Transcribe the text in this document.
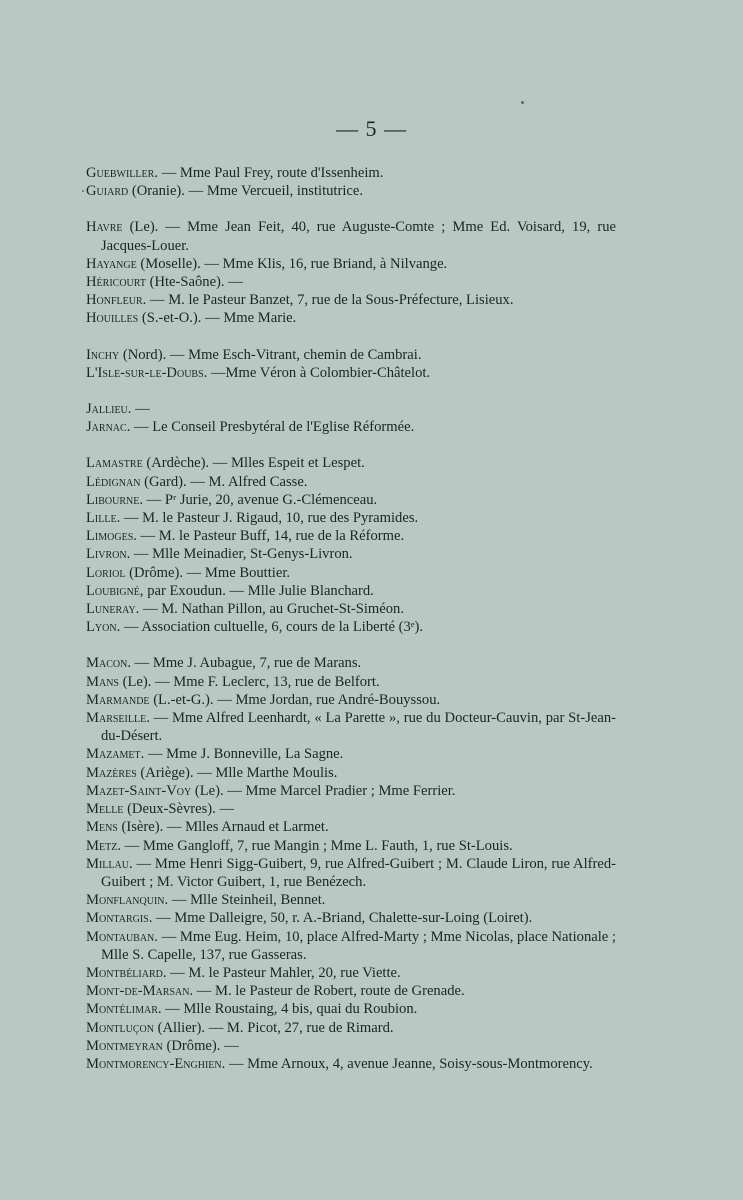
— 5 —
Guebwiller. — Mme Paul Frey, route d'Issenheim.
Guiard (Oranie). — Mme Vercueil, institutrice.
Havre (Le). — Mme Jean Feit, 40, rue Auguste-Comte ; Mme Ed. Voisard, 19, rue Jacques-Louer.
Hayange (Moselle). — Mme Klis, 16, rue Briand, à Nilvange.
Héricourt (Hte-Saône). —
Honfleur. — M. le Pasteur Banzet, 7, rue de la Sous-Préfecture, Lisieux.
Houilles (S.-et-O.). — Mme Marie.
Inchy (Nord). — Mme Esch-Vitrant, chemin de Cambrai.
L'Isle-sur-le-Doubs. —Mme Véron à Colombier-Châtelot.
Jallieu. —
Jarnac. — Le Conseil Presbytéral de l'Eglise Réformée.
Lamastre (Ardèche). — Mlles Espeit et Lespet.
Lédignan (Gard). — M. Alfred Casse.
Libourne. — Pʳ Jurie, 20, avenue G.-Clémenceau.
Lille. — M. le Pasteur J. Rigaud, 10, rue des Pyramides.
Limoges. — M. le Pasteur Buff, 14, rue de la Réforme.
Livron. — Mlle Meinadier, St-Genys-Livron.
Loriol (Drôme). — Mme Bouttier.
Loubigné, par Exoudun. — Mlle Julie Blanchard.
Luneray. — M. Nathan Pillon, au Gruchet-St-Siméon.
Lyon. — Association cultuelle, 6, cours de la Liberté (3ᵉ).
Macon. — Mme J. Aubague, 7, rue de Marans.
Mans (Le). — Mme F. Leclerc, 13, rue de Belfort.
Marmande (L.-et-G.). — Mme Jordan, rue André-Bouyssou.
Marseille. — Mme Alfred Leenhardt, « La Parette », rue du Docteur-Cauvin, par St-Jean-du-Désert.
Mazamet. — Mme J. Bonneville, La Sagne.
Mazères (Ariège). — Mlle Marthe Moulis.
Mazet-Saint-Voy (Le). — Mme Marcel Pradier ; Mme Ferrier.
Melle (Deux-Sèvres). —
Mens (Isère). — Mlles Arnaud et Larmet.
Metz. — Mme Gangloff, 7, rue Mangin ; Mme L. Fauth, 1, rue St-Louis.
Millau. — Mme Henri Sigg-Guibert, 9, rue Alfred-Guibert ; M. Claude Liron, rue Alfred-Guibert ; M. Victor Guibert, 1, rue Benézech.
Monflanquin. — Mlle Steinheil, Bennet.
Montargis. — Mme Dalleigre, 50, r. A.-Briand, Chalette-sur-Loing (Loiret).
Montauban. — Mme Eug. Heim, 10, place Alfred-Marty ; Mme Nicolas, place Nationale ; Mlle S. Capelle, 137, rue Gasseras.
Montbéliard. — M. le Pasteur Mahler, 20, rue Viette.
Mont-de-Marsan. — M. le Pasteur de Robert, route de Grenade.
Montélimar. — Mlle Roustaing, 4 bis, quai du Roubion.
Montluçon (Allier). — M. Picot, 27, rue de Rimard.
Montmeyran (Drôme). —
Montmorency-Enghien. — Mme Arnoux, 4, avenue Jeanne, Soisy-sous-Montmorency.
